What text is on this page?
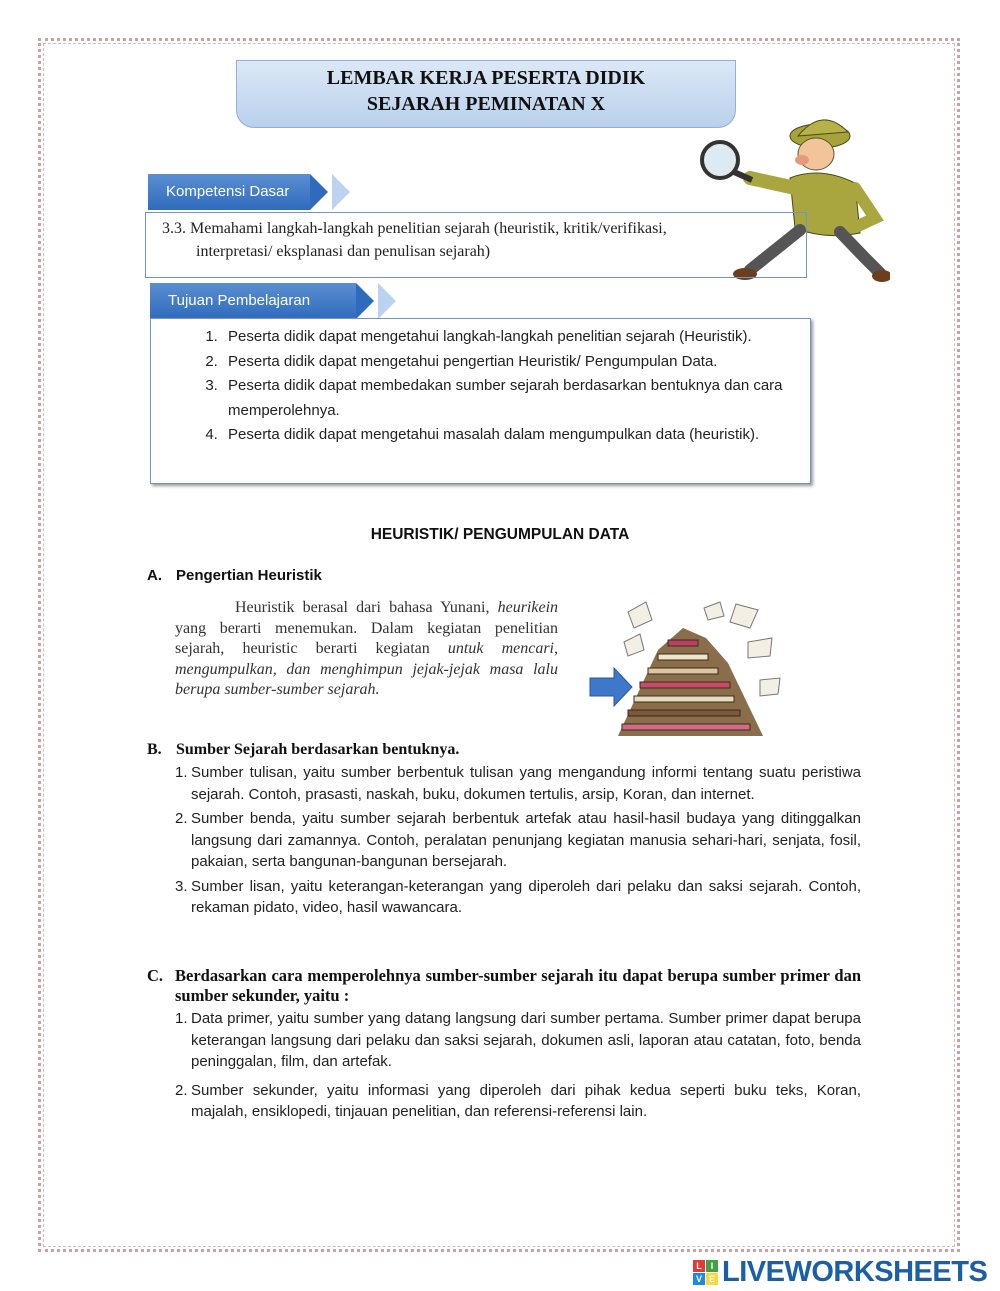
LEMBAR KERJA PESERTA DIDIK
SEJARAH PEMINATAN X
Kompetensi Dasar
3.3. Memahami langkah-langkah penelitian sejarah (heuristik, kritik/verifikasi,
interpretasi/ eksplanasi dan penulisan sejarah)
Tujuan Pembelajaran
1. Peserta didik dapat mengetahui langkah-langkah penelitian sejarah (Heuristik).
2. Peserta didik dapat mengetahui pengertian Heuristik/ Pengumpulan Data.
3. Peserta didik dapat membedakan sumber sejarah berdasarkan bentuknya dan cara memperolehnya.
4. Peserta didik dapat mengetahui masalah dalam mengumpulkan data (heuristik).
HEURISTIK/ PENGUMPULAN DATA
A. Pengertian Heuristik
Heuristik berasal dari bahasa Yunani, heurikein yang berarti menemukan. Dalam kegiatan penelitian sejarah, heuristic berarti kegiatan untuk mencari, mengumpulkan, dan menghimpun jejak-jejak masa lalu berupa sumber-sumber sejarah.
B. Sumber Sejarah berdasarkan bentuknya.
1. Sumber tulisan, yaitu sumber berbentuk tulisan yang mengandung informi tentang suatu peristiwa sejarah. Contoh, prasasti, naskah, buku, dokumen tertulis, arsip, Koran, dan internet.
2. Sumber benda, yaitu sumber sejarah berbentuk artefak atau hasil-hasil budaya yang ditinggalkan langsung dari zamannya. Contoh, peralatan penunjang kegiatan manusia sehari-hari, senjata, fosil, pakaian, serta bangunan-bangunan bersejarah.
3. Sumber lisan, yaitu keterangan-keterangan yang diperoleh dari pelaku dan saksi sejarah. Contoh, rekaman pidato, video, hasil wawancara.
C. Berdasarkan cara memperolehnya sumber-sumber sejarah itu dapat berupa sumber primer dan sumber sekunder, yaitu :
1. Data primer, yaitu sumber yang datang langsung dari sumber pertama. Sumber primer dapat berupa keterangan langsung dari pelaku dan saksi sejarah, dokumen asli, laporan atau catatan, foto, benda peninggalan, film, dan artefak.
2. Sumber sekunder, yaitu informasi yang diperoleh dari pihak kedua seperti buku teks, Koran, majalah, ensiklopedi, tinjauan penelitian, dan referensi-referensi lain.
L I
V E LIVEWORKSHEETS
